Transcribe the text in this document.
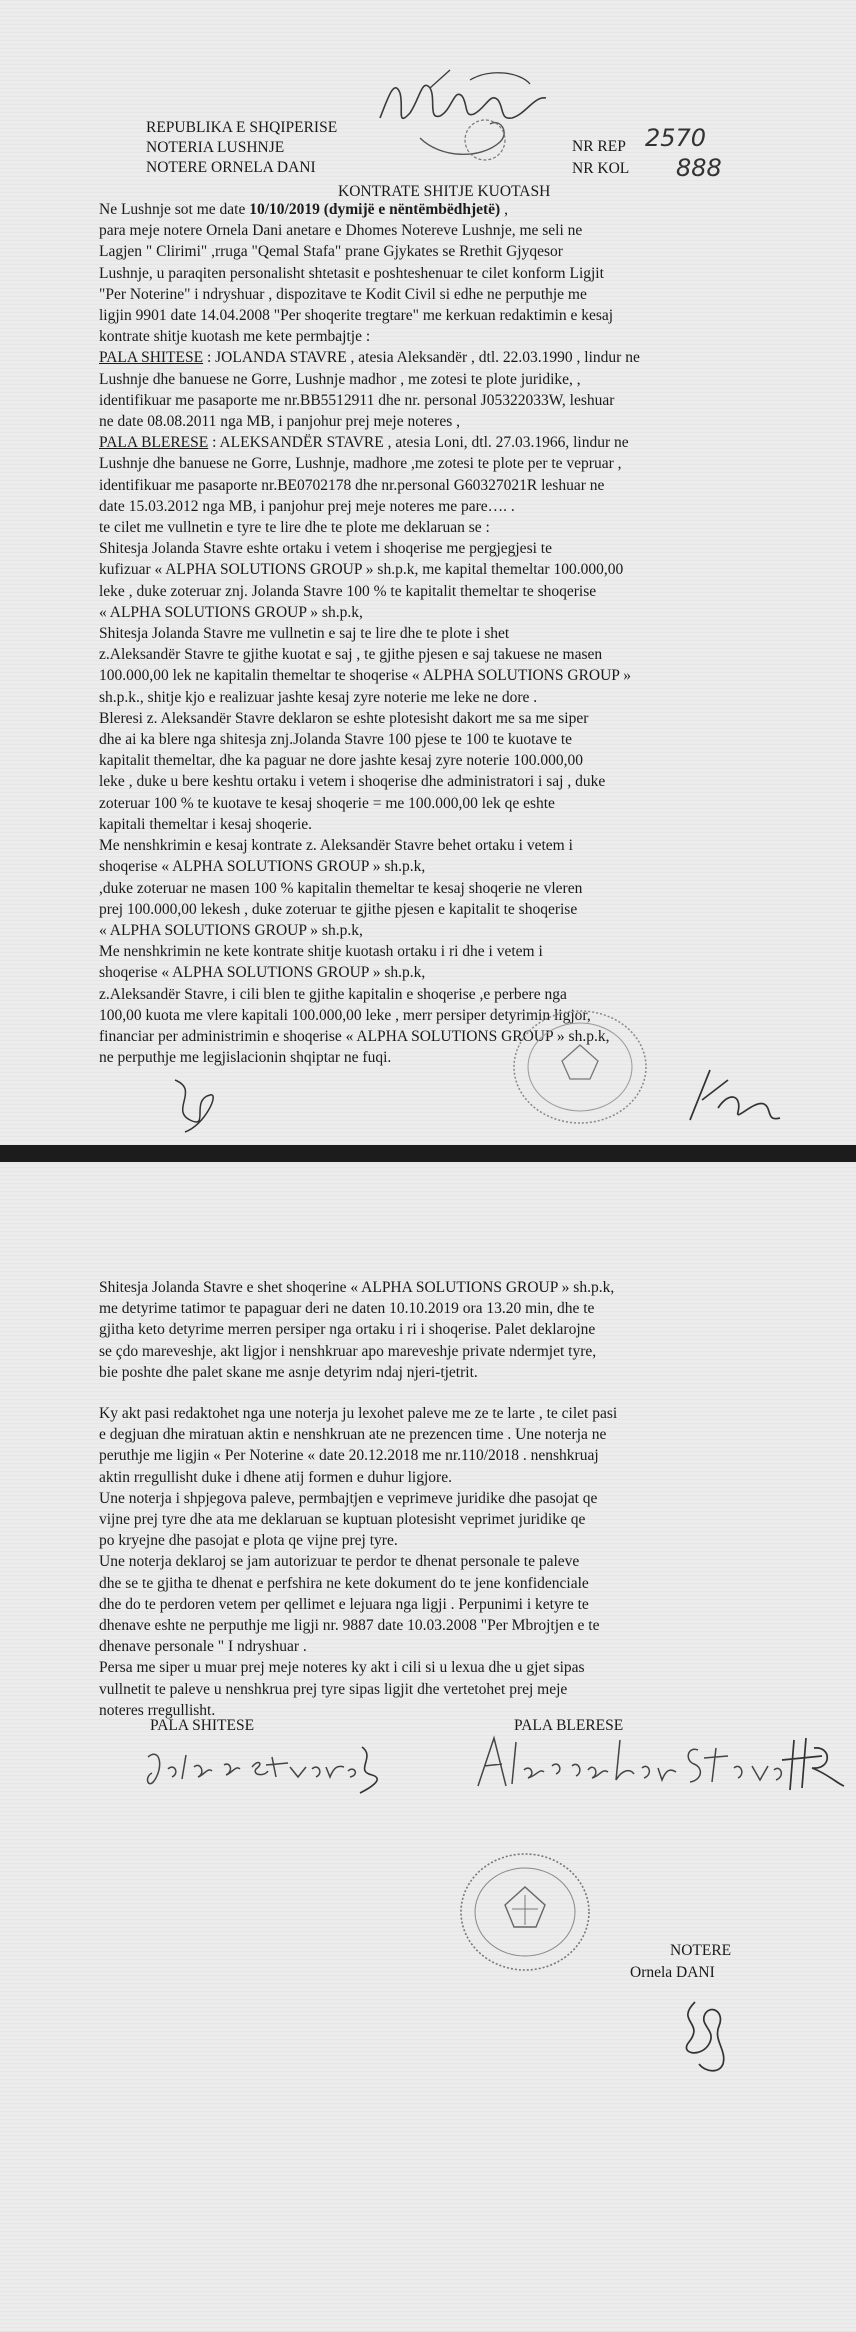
REPUBLIKA E SHQIPERISE
NOTERIA LUSHNJE
NOTERE ORNELA DANI
NR REP 2570
NR KOL 888
KONTRATE SHITJE KUOTASH
Ne Lushnje sot me date 10/10/2019 (dymijë e nëntëmbëdhjetë) ,
para meje notere Ornela Dani anetare e Dhomes Notereve Lushnje, me seli ne
Lagjen " Clirimi" ,rruga "Qemal Stafa" prane Gjykates se Rrethit Gjyqesor
Lushnje, u paraqiten personalisht shtetasit e poshteshenuar te cilet konform Ligjit
"Per Noterine" i ndryshuar , dispozitave te Kodit Civil si edhe ne perputhje me
ligjin 9901 date 14.04.2008 "Per shoqerite tregtare" me kerkuan redaktimin e kesaj
kontrate shitje kuotash me kete permbajtje :
PALA SHITESE : JOLANDA STAVRE , atesia Aleksandër , dtl. 22.03.1990 , lindur ne
Lushnje dhe banuese ne Gorre, Lushnje madhor , me zotesi te plote juridike, ,
identifikuar me pasaporte me nr.BB5512911 dhe nr. personal J05322033W, leshuar
ne date 08.08.2011 nga MB, i panjohur prej meje noteres ,
PALA BLERESE : ALEKSANDËR STAVRE , atesia Loni, dtl. 27.03.1966, lindur ne
Lushnje dhe banuese ne Gorre, Lushnje, madhore ,me zotesi te plote per te vepruar ,
identifikuar me pasaporte nr.BE0702178 dhe nr.personal G60327021R leshuar ne
date 15.03.2012 nga MB, i panjohur prej meje noteres me pare…. .
te cilet me vullnetin e tyre te lire dhe te plote me deklaruan se :
Shitesja Jolanda Stavre eshte ortaku i vetem i shoqerise me pergjegjesi te
kufizuar « ALPHA SOLUTIONS GROUP » sh.p.k, me kapital themeltar 100.000,00
leke , duke zoteruar znj. Jolanda Stavre 100 % te kapitalit themeltar te shoqerise
« ALPHA SOLUTIONS GROUP » sh.p.k,
Shitesja Jolanda Stavre me vullnetin e saj te lire dhe te plote i shet
z.Aleksandër Stavre te gjithe kuotat e saj , te gjithe pjesen e saj takuese ne masen
100.000,00 lek ne kapitalin themeltar te shoqerise « ALPHA SOLUTIONS GROUP »
sh.p.k., shitje kjo e realizuar jashte kesaj zyre noterie me leke ne dore .
Bleresi z. Aleksandër Stavre deklaron se eshte plotesisht dakort me sa me siper
dhe ai ka blere nga shitesja znj.Jolanda Stavre 100 pjese te 100 te kuotave te
kapitalit themeltar, dhe ka paguar ne dore jashte kesaj zyre noterie 100.000,00
leke , duke u bere keshtu ortaku i vetem i shoqerise dhe administratori i saj , duke
zoteruar 100 % te kuotave te kesaj shoqerie = me 100.000,00 lek qe eshte
kapitali themeltar i kesaj shoqerie.
Me nenshkrimin e kesaj kontrate z. Aleksandër Stavre behet ortaku i vetem i
shoqerise « ALPHA SOLUTIONS GROUP » sh.p.k,
,duke zoteruar ne masen 100 % kapitalin themeltar te kesaj shoqerie ne vleren
prej 100.000,00 lekesh , duke zoteruar te gjithe pjesen e kapitalit te shoqerise
« ALPHA SOLUTIONS GROUP » sh.p.k,
Me nenshkrimin ne kete kontrate shitje kuotash ortaku i ri dhe i vetem i
shoqerise « ALPHA SOLUTIONS GROUP » sh.p.k,
z.Aleksandër Stavre, i cili blen te gjithe kapitalin e shoqerise ,e perbere nga
100,00 kuota me vlere kapitali 100.000,00 leke , merr persiper detyrimin ligjor,
financiar per administrimin e shoqerise « ALPHA SOLUTIONS GROUP » sh.p.k,
ne perputhje me legjislacionin shqiptar ne fuqi.
Shitesja Jolanda Stavre e shet shoqerine « ALPHA SOLUTIONS GROUP » sh.p.k,
me detyrime tatimor te papaguar deri ne daten 10.10.2019 ora 13.20 min, dhe te
gjitha keto detyrime merren persiper nga ortaku i ri i shoqerise. Palet deklarojne
se çdo mareveshje, akt ligjor i nenshkruar apo mareveshje private ndermjet tyre,
bie poshte dhe palet skane me asnje detyrim ndaj njeri-tjetrit.
Ky akt pasi redaktohet nga une noterja ju lexohet paleve me ze te larte , te cilet pasi
e degjuan dhe miratuan aktin e nenshkruan ate ne prezencen time . Une noterja ne
peruthje me ligjin « Per Noterine « date 20.12.2018 me nr.110/2018 . nenshkruaj
aktin rregullisht duke i dhene atij formen e duhur ligjore.
Une noterja i shpjegova paleve, permbajtjen e veprimeve juridike dhe pasojat qe
vijne prej tyre dhe ata me deklaruan se kuptuan plotesisht veprimet juridike qe
po kryejne dhe pasojat e plota qe vijne prej tyre.
Une noterja deklaroj se jam autorizuar te perdor te dhenat personale te paleve
dhe se te gjitha te dhenat e perfshira ne kete dokument do te jene konfidenciale
dhe do te perdoren vetem per qellimet e lejuara nga ligji . Perpunimi i ketyre te
dhenave eshte ne perputhje me ligji nr. 9887 date 10.03.2008 "Per Mbrojtjen e te
dhenave personale " I ndryshuar .
Persa me siper u muar prej meje noteres ky akt i cili si u lexua dhe u gjet sipas
vullnetit te paleve u nenshkrua prej tyre sipas ligjit dhe vertetohet prej meje
noteres rregullisht.
PALA SHITESE	PALA BLERESE
NOTERE
Ornela DANI
